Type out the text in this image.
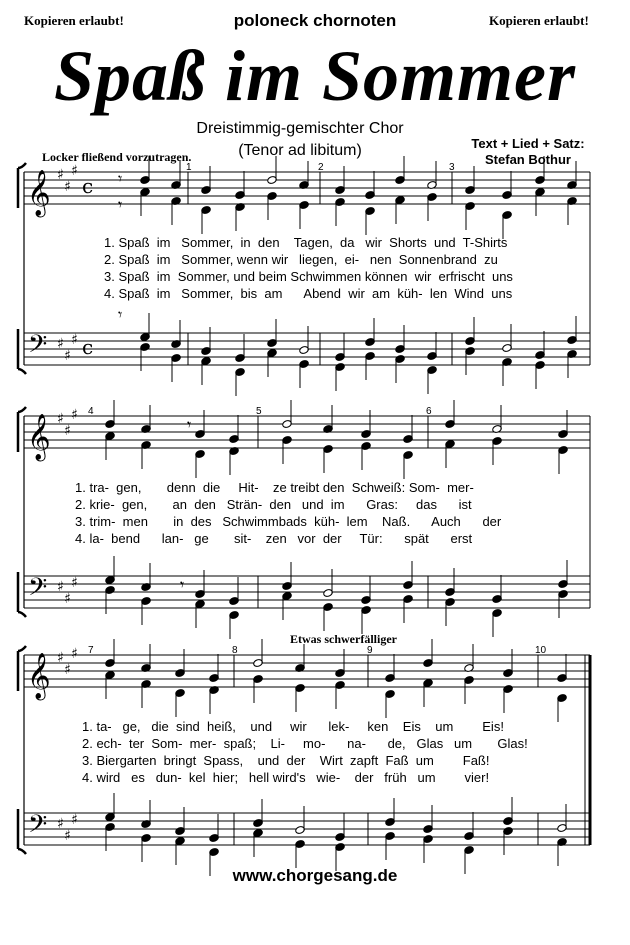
Kopieren erlaubt!	poloneck chornoten	Kopieren erlaubt!
Spaß im Sommer
Dreistimmig-gemischter Chor
(Tenor ad libitum)	Text + Lied + Satz:
Stefan Bothur
Locker fließend vorzutragen.
Etwas schwerfälliger
1	2	3
4	5	6
7	8	9	10
𝄞
𝄢
♯
♯
♯
♯
♯
♯
c
c
𝄞
𝄢
♯
♯
♯
♯
♯
♯
𝄞
𝄢
♯
♯
♯
♯
♯
♯
𝄾
𝄾
𝄾
𝄾
𝄾
1. Spaß  im   Sommer,  in  den    Tagen,  da   wir  Shorts  und  T-Shirts
2. Spaß  im   Sommer, wenn wir   liegen,  ei-   nen  Sonnenbrand  zu
3. Spaß  im  Sommer, und beim Schwimmen können  wir  erfrischt  uns
4. Spaß  im   Sommer,  bis  am      Abend  wir  am  küh-  len  Wind  uns
1. tra-  gen,       denn  die     Hit-    ze treibt den  Schweiß: Som-  mer-
2. krie-  gen,       an  den   Strän-  den   und  im      Gras:     das      ist
3. trim-  men       in  des   Schwimmbads  küh-  lem    Naß.      Auch      der
4. la-  bend      lan-   ge       sit-    zen   vor  der     Tür:      spät      erst
1. ta-   ge,   die  sind  heiß,    und     wir      lek-     ken    Eis    um        Eis!
2. ech-  ter  Som-  mer-  spaß;    Li-     mo-      na-      de,   Glas   um       Glas!
3. Biergarten  bringt  Spass,    und  der    Wirt  zapft  Faß  um        Faß!
4. wird   es   dun-  kel  hier;   hell wird's   wie-    der   früh   um        vier!
www.chorgesang.de
